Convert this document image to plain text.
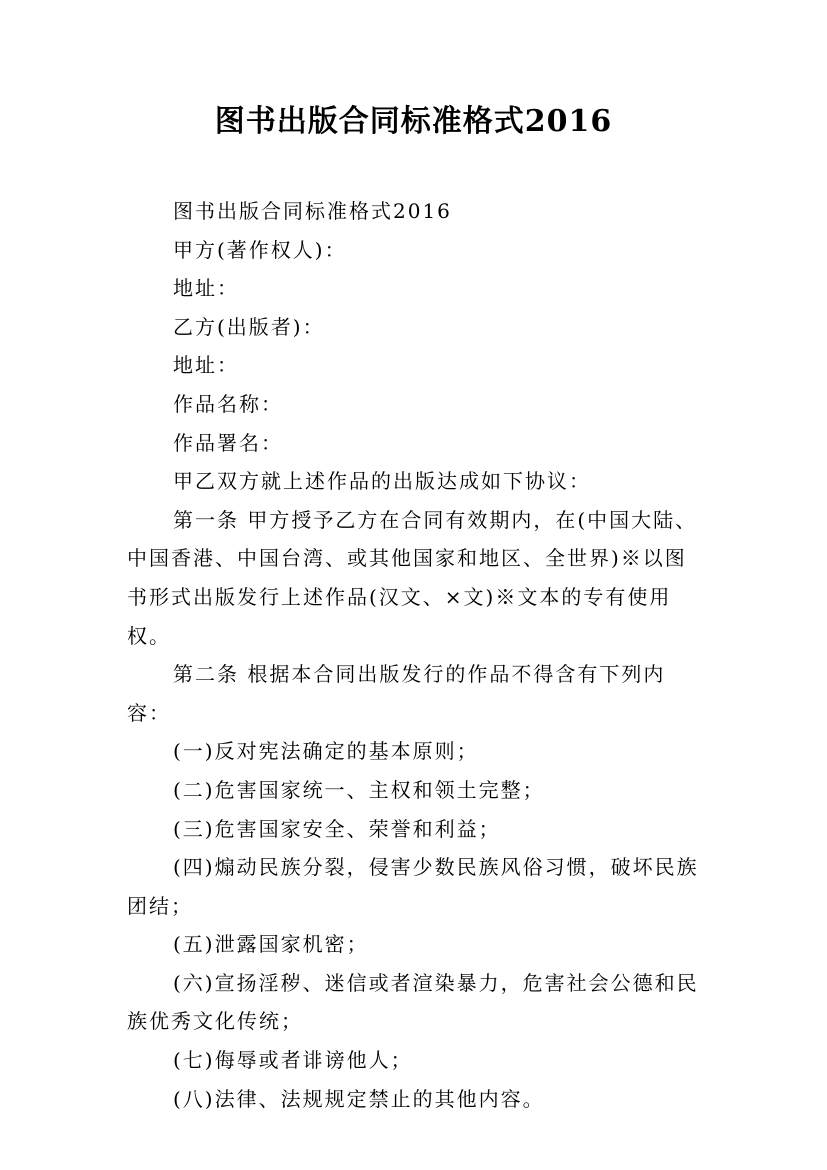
图书出版合同标准格式2016

图书出版合同标准格式2016

甲方(著作权人)：

地址：

乙方(出版者)：

地址：

作品名称：

作品署名：

甲乙双方就上述作品的出版达成如下协议：

第一条 甲方授予乙方在合同有效期内，在(中国大陆、中国香港、中国台湾、或其他国家和地区、全世界)※以图书形式出版发行上述作品(汉文、×文)※文本的专有使用权。

第二条 根据本合同出版发行的作品不得含有下列内容：

(一)反对宪法确定的基本原则；

(二)危害国家统一、主权和领土完整；

(三)危害国家安全、荣誉和利益；

(四)煽动民族分裂，侵害少数民族风俗习惯，破坏民族团结；

(五)泄露国家机密；

(六)宣扬淫秽、迷信或者渲染暴力，危害社会公德和民族优秀文化传统；

(七)侮辱或者诽谤他人；

(八)法律、法规规定禁止的其他内容。
